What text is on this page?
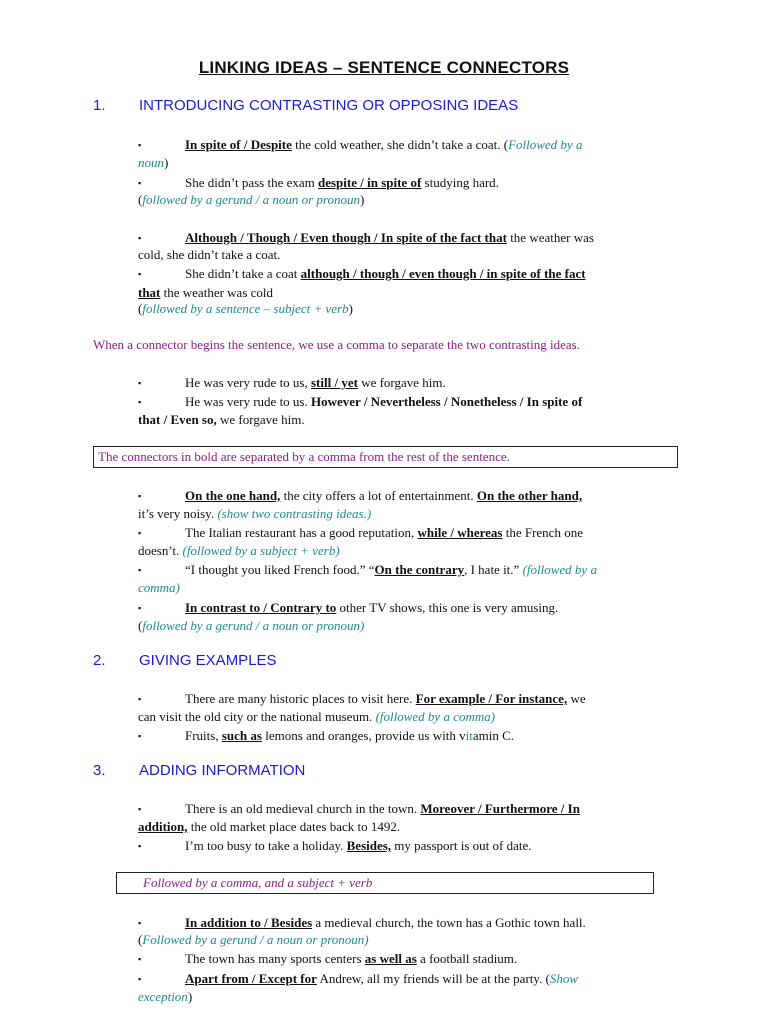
LINKING IDEAS – SENTENCE CONNECTORS
1. INTRODUCING CONTRASTING OR OPPOSING IDEAS
▪ In spite of / Despite the cold weather, she didn’t take a coat. (Followed by a
noun)
▪ She didn’t pass the exam despite / in spite of studying hard.
(followed by a gerund / a noun or pronoun)
▪ Although / Though / Even though / In spite of the fact that the weather was
cold, she didn’t take a coat.
▪ She didn’t take a coat although / though / even though / in spite of the fact
that the weather was cold
(followed by a sentence – subject + verb)
When a connector begins the sentence, we use a comma to separate the two contrasting ideas.
▪ He was very rude to us, still / yet we forgave him.
▪ He was very rude to us. However / Nevertheless / Nonetheless / In spite of
that / Even so, we forgave him.
The connectors in bold are separated by a comma from the rest of the sentence.
▪ On the one hand, the city offers a lot of entertainment. On the other hand,
it’s very noisy. (show two contrasting ideas.)
▪ The Italian restaurant has a good reputation, while / whereas the French one
doesn’t. (followed by a subject + verb)
▪ “I thought you liked French food.” “On the contrary, I hate it.” (followed by a
comma)
▪ In contrast to / Contrary to other TV shows, this one is very amusing.
(followed by a gerund / a noun or pronoun)
2. GIVING EXAMPLES
▪ There are many historic places to visit here. For example / For instance, we
can visit the old city or the national museum. (followed by a comma)
▪ Fruits, such as lemons and oranges, provide us with vitamin C.
3. ADDING INFORMATION
▪ There is an old medieval church in the town. Moreover / Furthermore / In
addition, the old market place dates back to 1492.
▪ I’m too busy to take a holiday. Besides, my passport is out of date.
Followed by a comma, and a subject + verb
▪ In addition to / Besides a medieval church, the town has a Gothic town hall.
(Followed by a gerund / a noun or pronoun)
▪ The town has many sports centers as well as a football stadium.
▪ Apart from / Except for Andrew, all my friends will be at the party. (Show
exception)
